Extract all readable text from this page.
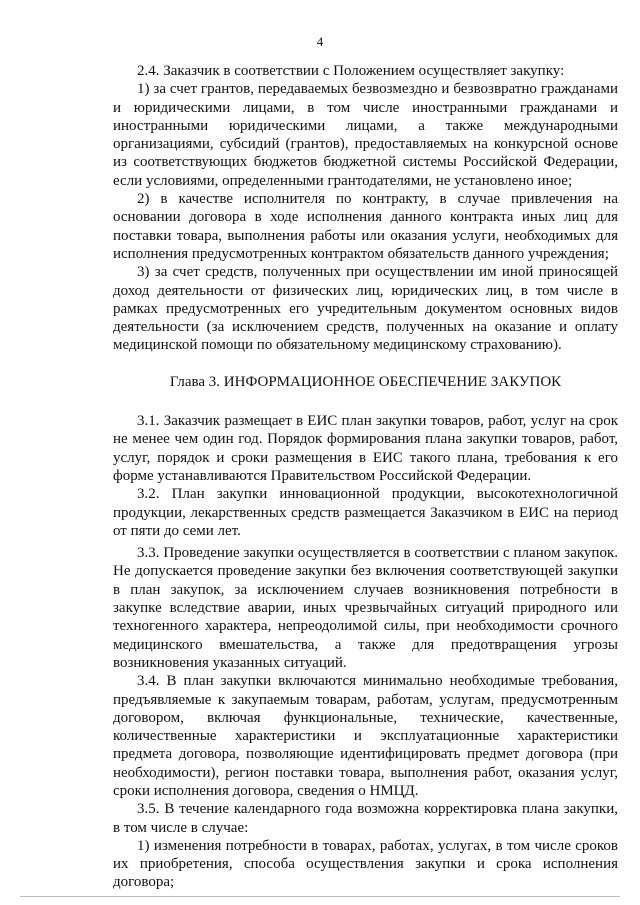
4

2.4. Заказчик в соответствии с Положением осуществляет закупку:

1) за счет грантов, передаваемых безвозмездно и безвозвратно гражданами и юридическими лицами, в том числе иностранными гражданами и иностранными юридическими лицами, а также международными организациями, субсидий (грантов), предоставляемых на конкурсной основе из соответствующих бюджетов бюджетной системы Российской Федерации, если условиями, определенными грантодателями, не установлено иное;

2) в качестве исполнителя по контракту, в случае привлечения на основании договора в ходе исполнения данного контракта иных лиц для поставки товара, выполнения работы или оказания услуги, необходимых для исполнения предусмотренных контрактом обязательств данного учреждения;

3) за счет средств, полученных при осуществлении им иной приносящей доход деятельности от физических лиц, юридических лиц, в том числе в рамках предусмотренных его учредительным документом основных видов деятельности (за исключением средств, полученных на оказание и оплату медицинской помощи по обязательному медицинскому страхованию).

Глава 3. ИНФОРМАЦИОННОЕ ОБЕСПЕЧЕНИЕ ЗАКУПОК

3.1. Заказчик размещает в ЕИС план закупки товаров, работ, услуг на срок не менее чем один год. Порядок формирования плана закупки товаров, работ, услуг, порядок и сроки размещения в ЕИС такого плана, требования к его форме устанавливаются Правительством Российской Федерации.

3.2. План закупки инновационной продукции, высокотехнологичной продукции, лекарственных средств размещается Заказчиком в ЕИС на период от пяти до семи лет.

3.3. Проведение закупки осуществляется в соответствии с планом закупок. Не допускается проведение закупки без включения соответствующей закупки в план закупок, за исключением случаев возникновения потребности в закупке вследствие аварии, иных чрезвычайных ситуаций природного или техногенного характера, непреодолимой силы, при необходимости срочного медицинского вмешательства, а также для предотвращения угрозы возникновения указанных ситуаций.

3.4. В план закупки включаются минимально необходимые требования, предъявляемые к закупаемым товарам, работам, услугам, предусмотренным договором, включая функциональные, технические, качественные, количественные характеристики и эксплуатационные характеристики предмета договора, позволяющие идентифицировать предмет договора (при необходимости), регион поставки товара, выполнения работ, оказания услуг, сроки исполнения договора, сведения о НМЦД.

3.5. В течение календарного года возможна корректировка плана закупки, в том числе в случае:

1) изменения потребности в товарах, работах, услугах, в том числе сроков их приобретения, способа осуществления закупки и срока исполнения договора;
